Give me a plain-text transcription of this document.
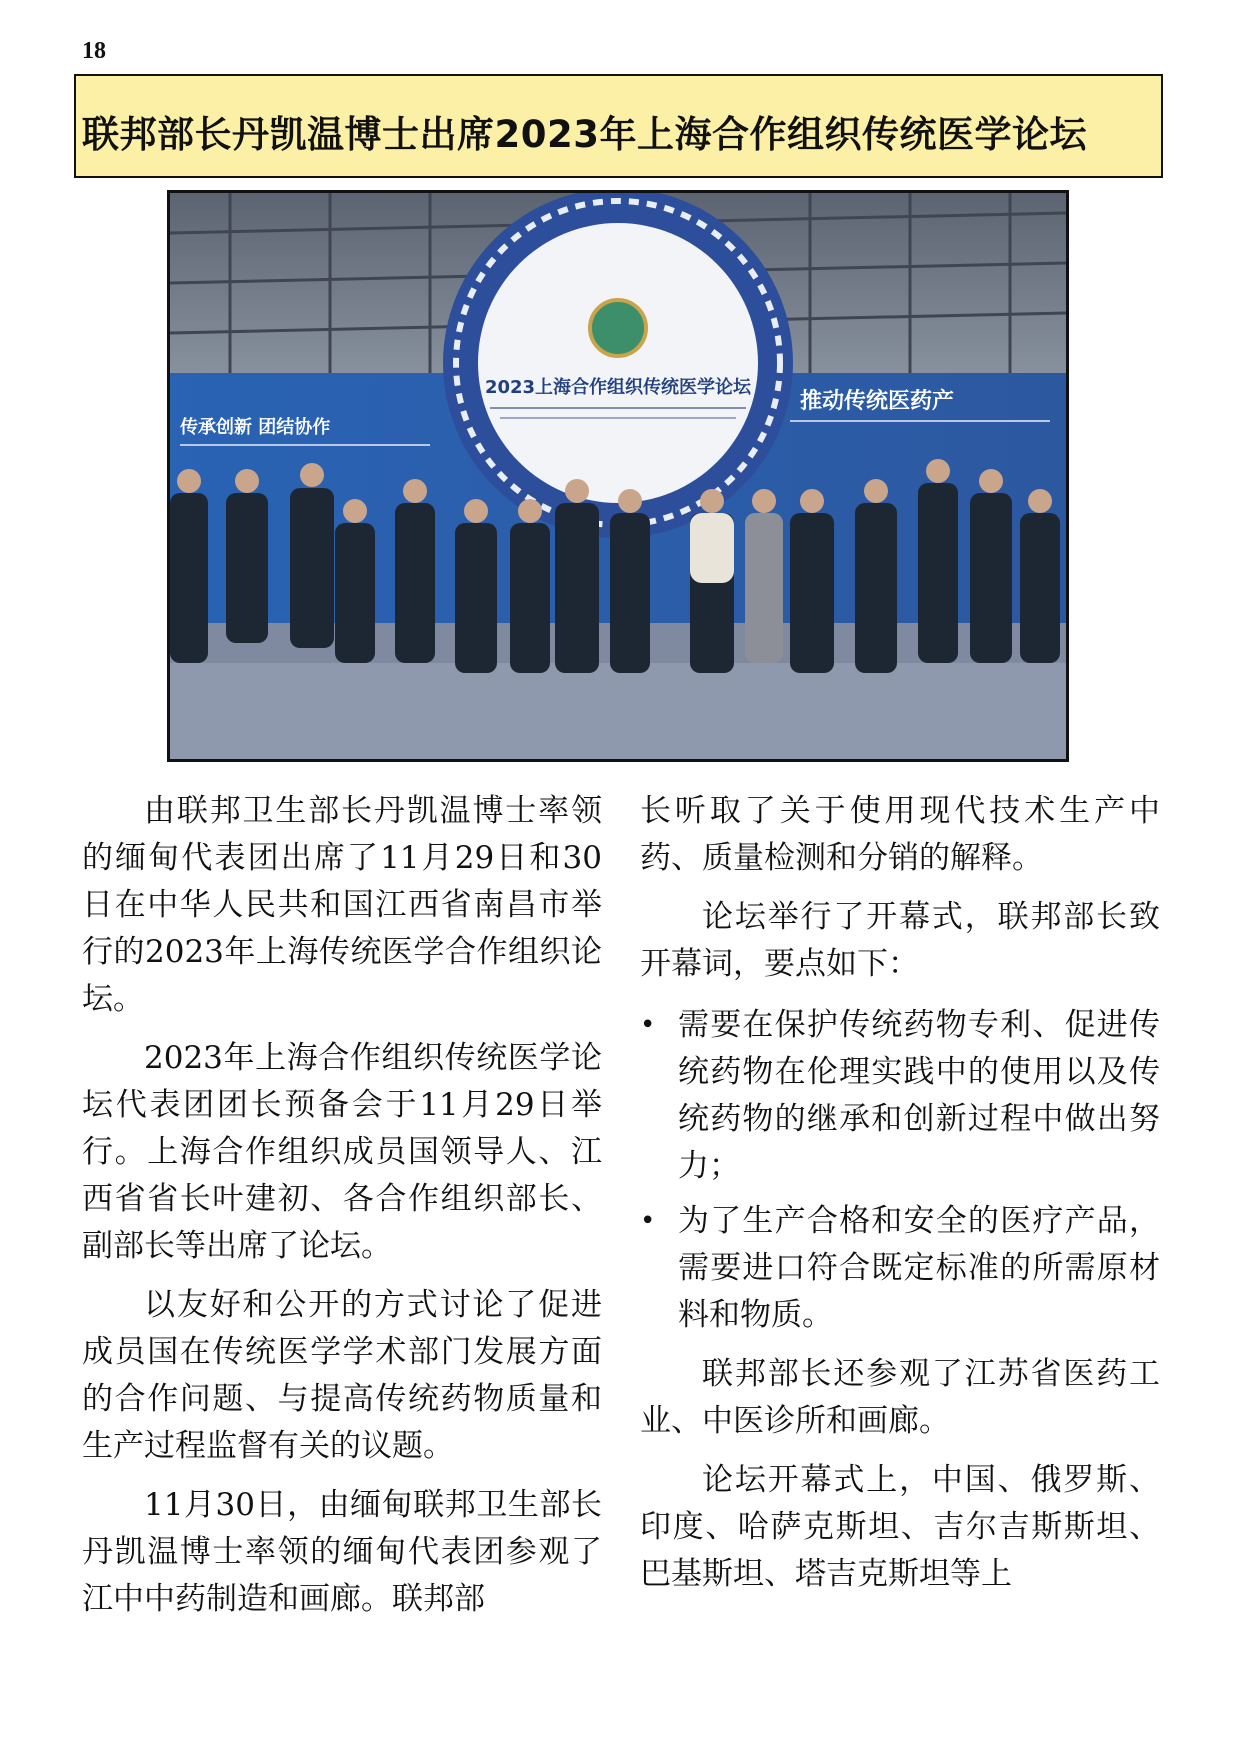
18
联邦部长丹凯温博士出席2023年上海合作组织传统医学论坛
2023上海合作组织传统医学论坛
传承创新 团结协作
推动传统医药产

由联邦卫生部长丹凯温博士率领的缅甸代表团出席了11月29日和30日在中华人民共和国江西省南昌市举行的2023年上海传统医学合作组织论坛。

2023年上海合作组织传统医学论坛代表团团长预备会于11月29日举行。上海合作组织成员国领导人、江西省省长叶建初、各合作组织部长、副部长等出席了论坛。

以友好和公开的方式讨论了促进成员国在传统医学学术部门发展方面的合作问题、与提高传统药物质量和生产过程监督有关的议题。

11月30日，由缅甸联邦卫生部长丹凯温博士率领的缅甸代表团参观了江中中药制造和画廊。联邦部

长听取了关于使用现代技术生产中药、质量检测和分销的解释。

论坛举行了开幕式，联邦部长致开幕词，要点如下：

• 需要在保护传统药物专利、促进传统药物在伦理实践中的使用以及传统药物的继承和创新过程中做出努力；
• 为了生产合格和安全的医疗产品，需要进口符合既定标准的所需原材料和物质。

联邦部长还参观了江苏省医药工业、中医诊所和画廊。

论坛开幕式上，中国、俄罗斯、印度、哈萨克斯坦、吉尔吉斯斯坦、巴基斯坦、塔吉克斯坦等上
